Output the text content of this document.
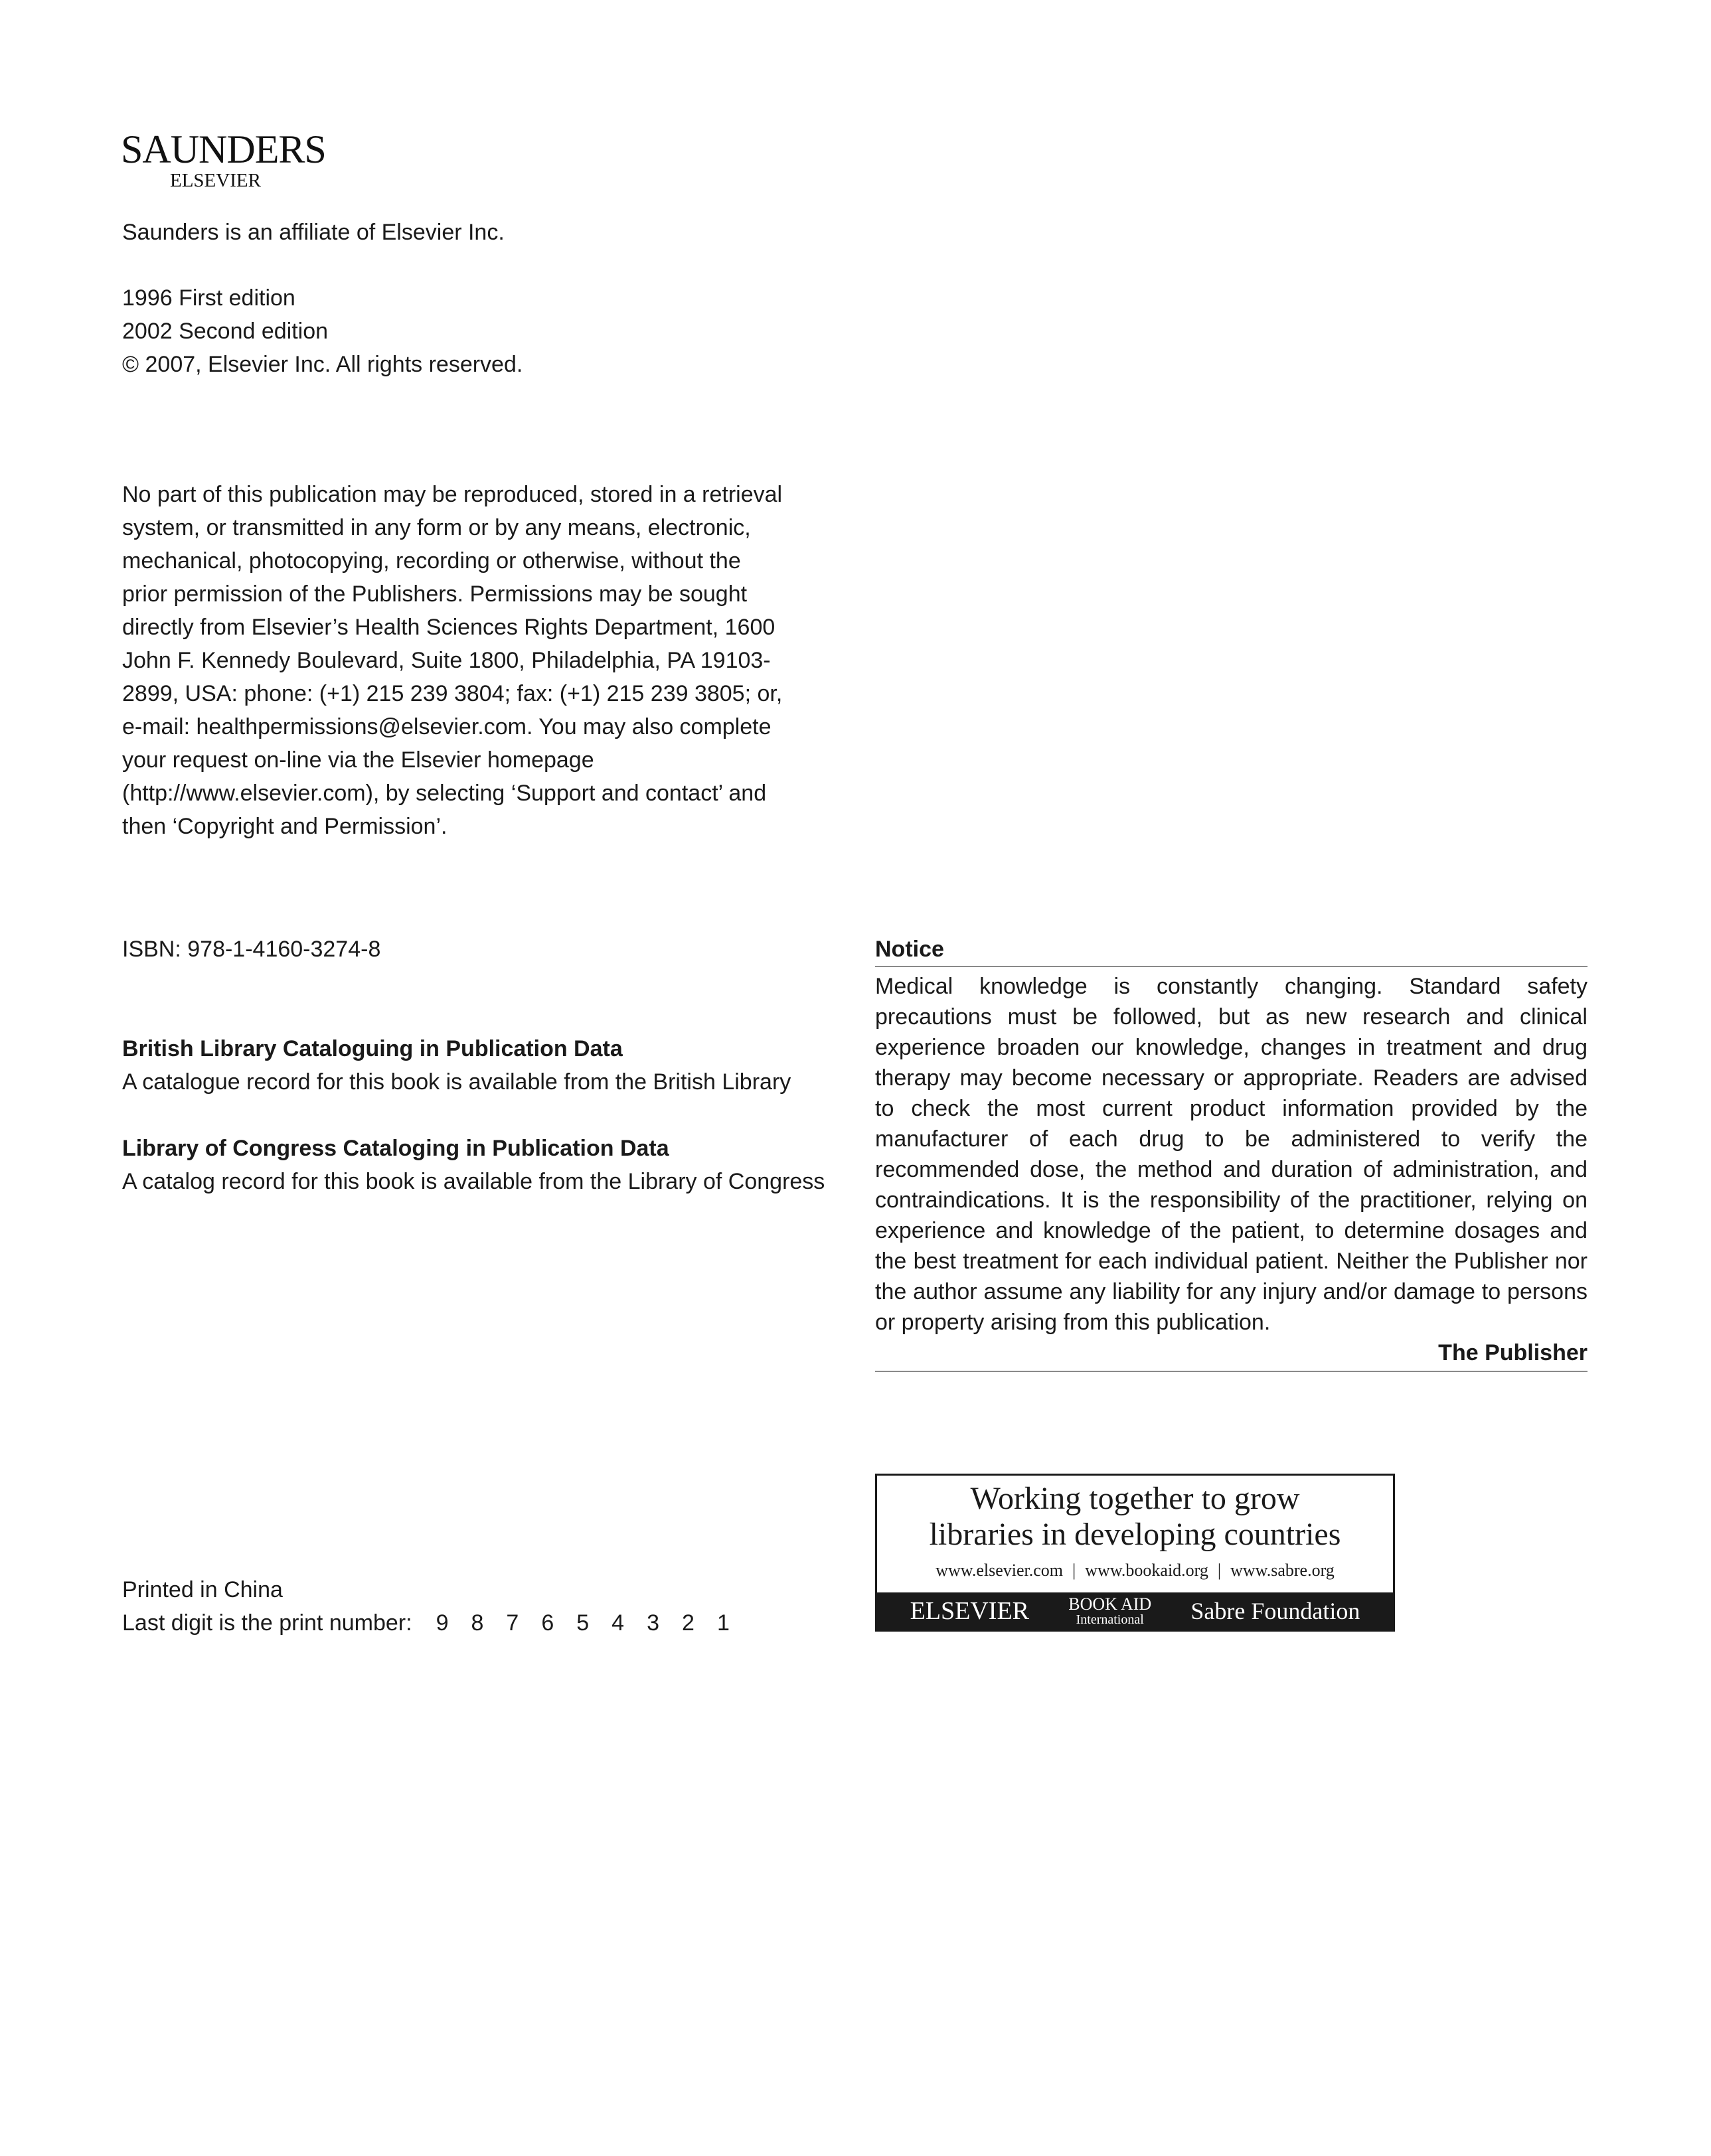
SAUNDERS
ELSEVIER
Saunders is an affiliate of Elsevier Inc.
1996 First edition
2002 Second edition
© 2007, Elsevier Inc. All rights reserved.
No part of this publication may be reproduced, stored in a retrieval
system, or transmitted in any form or by any means, electronic,
mechanical, photocopying, recording or otherwise, without the
prior permission of the Publishers. Permissions may be sought
directly from Elsevier’s Health Sciences Rights Department, 1600
John F. Kennedy Boulevard, Suite 1800, Philadelphia, PA 19103-
2899, USA: phone: (+1) 215 239 3804; fax: (+1) 215 239 3805; or,
e-mail: healthpermissions@elsevier.com. You may also complete
your request on-line via the Elsevier homepage
(http://www.elsevier.com), by selecting ‘Support and contact’ and
then ‘Copyright and Permission’.
ISBN: 978-1-4160-3274-8
British Library Cataloguing in Publication Data
A catalogue record for this book is available from the British Library
Library of Congress Cataloging in Publication Data
A catalog record for this book is available from the Library of Congress
Notice
Medical knowledge is constantly changing. Standard safety precautions must be followed, but as new research and clinical experience broaden our knowledge, changes in treatment and drug therapy may become necessary or appropriate. Readers are advised to check the most current product information provided by the manufacturer of each drug to be administered to verify the recommended dose, the method and duration of administration, and contraindications. It is the responsibility of the practitioner, relying on experience and knowledge of the patient, to determine dosages and the best treatment for each individual patient. Neither the Publisher nor the author assume any liability for any injury and/or damage to persons or property arising from this publication.
The Publisher
Working together to grow
libraries in developing countries
www.elsevier.com | www.bookaid.org | www.sabre.org
ELSEVIER BOOK AID
International Sabre Foundation
Printed in China
Last digit is the print number: 9 8 7 6 5 4 3 2 1
